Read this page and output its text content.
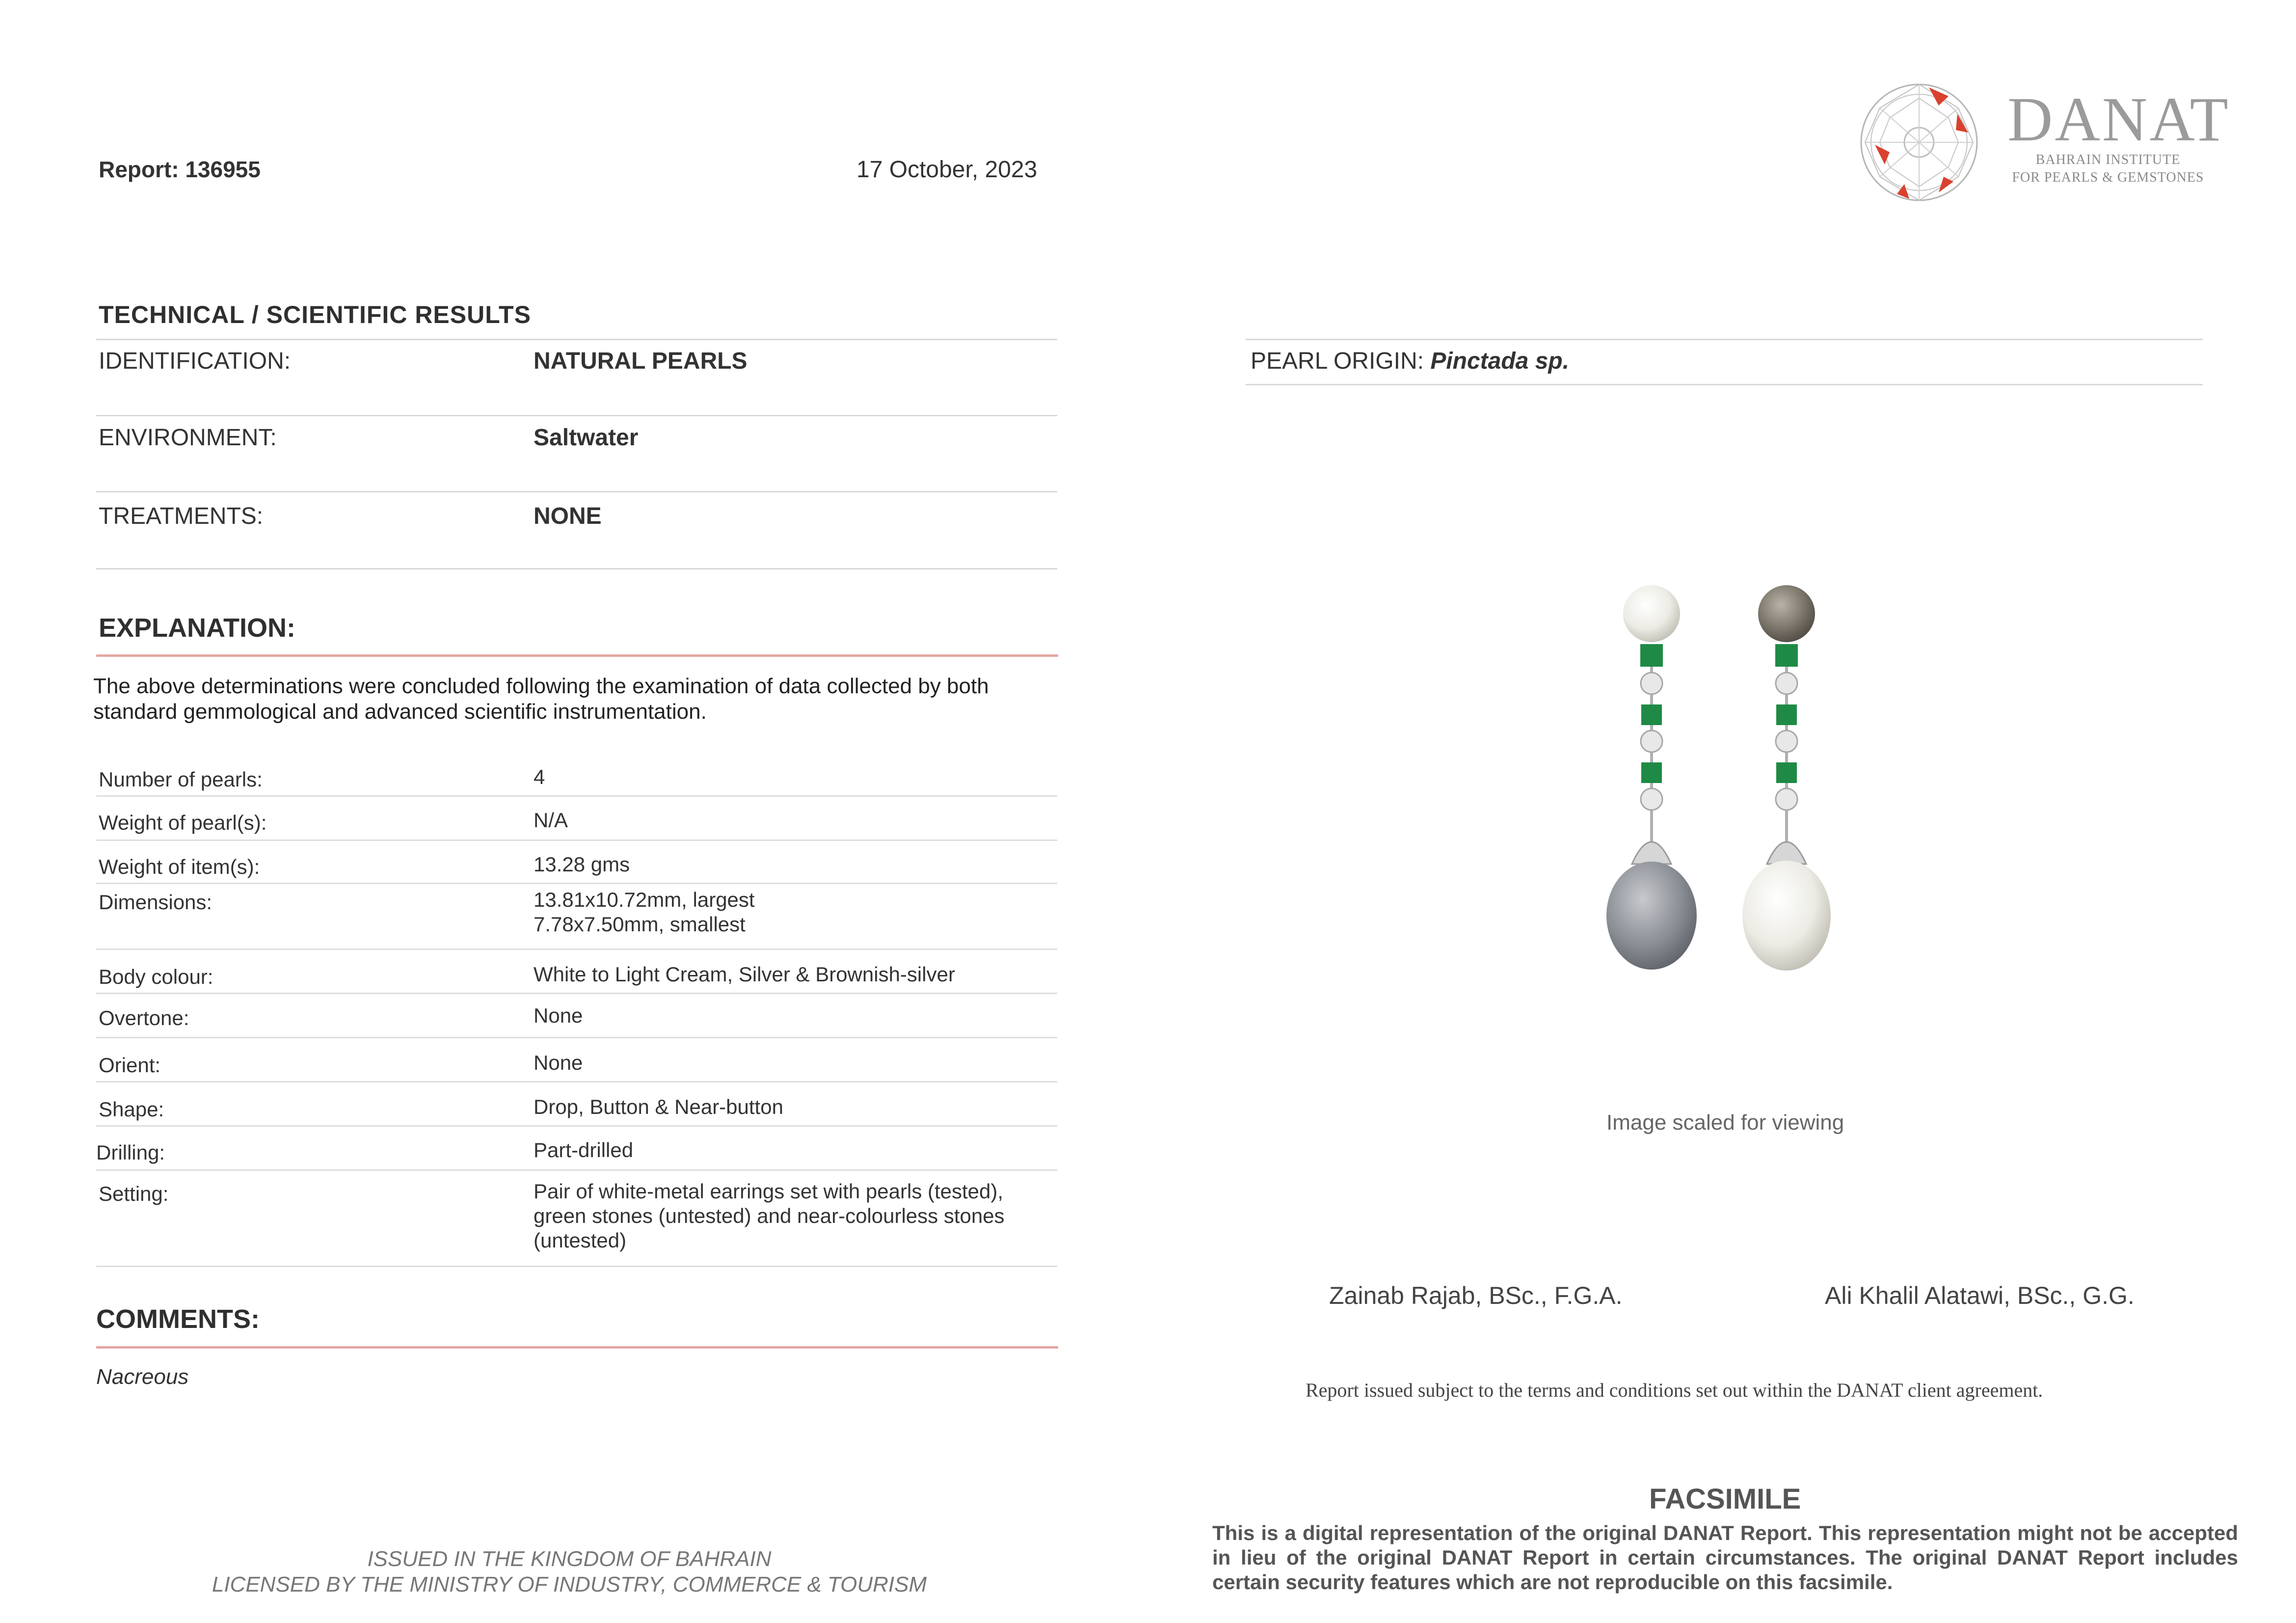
Report: 136955	17 October, 2023
DANAT
BAHRAIN INSTITUTE
FOR PEARLS & GEMSTONES
TECHNICAL / SCIENTIFIC RESULTS
IDENTIFICATION:	NATURAL PEARLS
ENVIRONMENT:	Saltwater
TREATMENTS:	NONE
PEARL ORIGIN: Pinctada sp.
EXPLANATION:
The above determinations were concluded following the examination of data collected by both standard gemmological and advanced scientific instrumentation.
Number of pearls:	4
Weight of pearl(s):	N/A
Weight of item(s):	13.28 gms
Dimensions:	13.81x10.72mm, largest
7.78x7.50mm, smallest
Body colour:	White to Light Cream, Silver & Brownish-silver
Overtone:	None
Orient:	None
Shape:	Drop, Button & Near-button
Drilling:	Part-drilled
Setting:	Pair of white-metal earrings set with pearls (tested),
green stones (untested) and near-colourless stones
(untested)
COMMENTS:
Nacreous
Image scaled for viewing
Zainab Rajab, BSc., F.G.A.	Ali Khalil Alatawi, BSc., G.G.
Report issued subject to the terms and conditions set out within the DANAT client agreement.
FACSIMILE
This is a digital representation of the original DANAT Report. This representation might not be accepted in lieu of the original DANAT Report in certain circumstances. The original DANAT Report includes certain security features which are not reproducible on this facsimile.
ISSUED IN THE KINGDOM OF BAHRAIN
LICENSED BY THE MINISTRY OF INDUSTRY, COMMERCE & TOURISM
